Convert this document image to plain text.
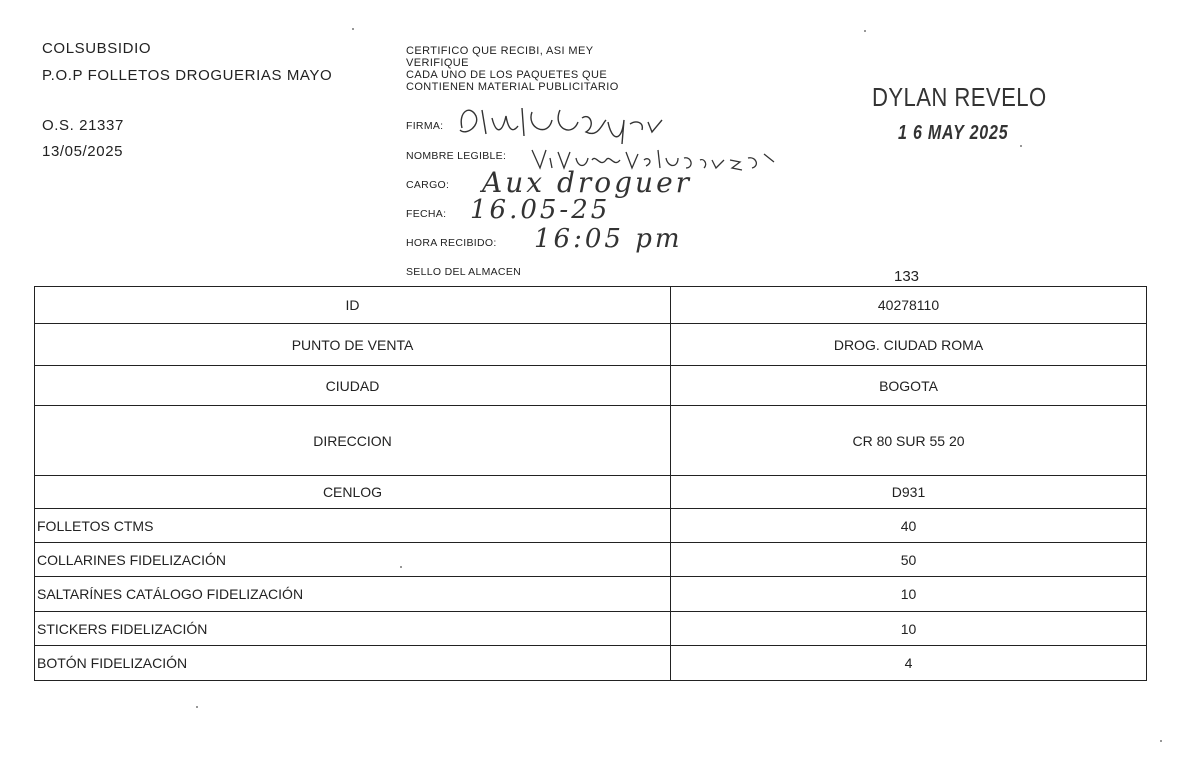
COLSUBSIDIO
P.O.P FOLLETOS DROGUERIAS MAYO
O.S. 21337
13/05/2025
CERTIFICO QUE RECIBI, ASI MEY
VERIFIQUE
CADA UNO DE LOS PAQUETES QUE
CONTIENEN MATERIAL PUBLICITARIO
FIRMA:
NOMBRE LEGIBLE:
CARGO: Aux droguer
FECHA: 16.05-25
HORA RECIBIDO: 16:05 pm
SELLO DEL ALMACEN
DYLAN REVELO
1 6 MAY 2025
133
ID	40278110
PUNTO DE VENTA	DROG. CIUDAD ROMA
CIUDAD	BOGOTA
DIRECCION	CR 80 SUR 55 20
CENLOG	D931
FOLLETOS CTMS	40
COLLARINES FIDELIZACIÓN	50
SALTARÍNES CATÁLOGO FIDELIZACIÓN	10
STICKERS FIDELIZACIÓN	10
BOTÓN FIDELIZACIÓN	4
